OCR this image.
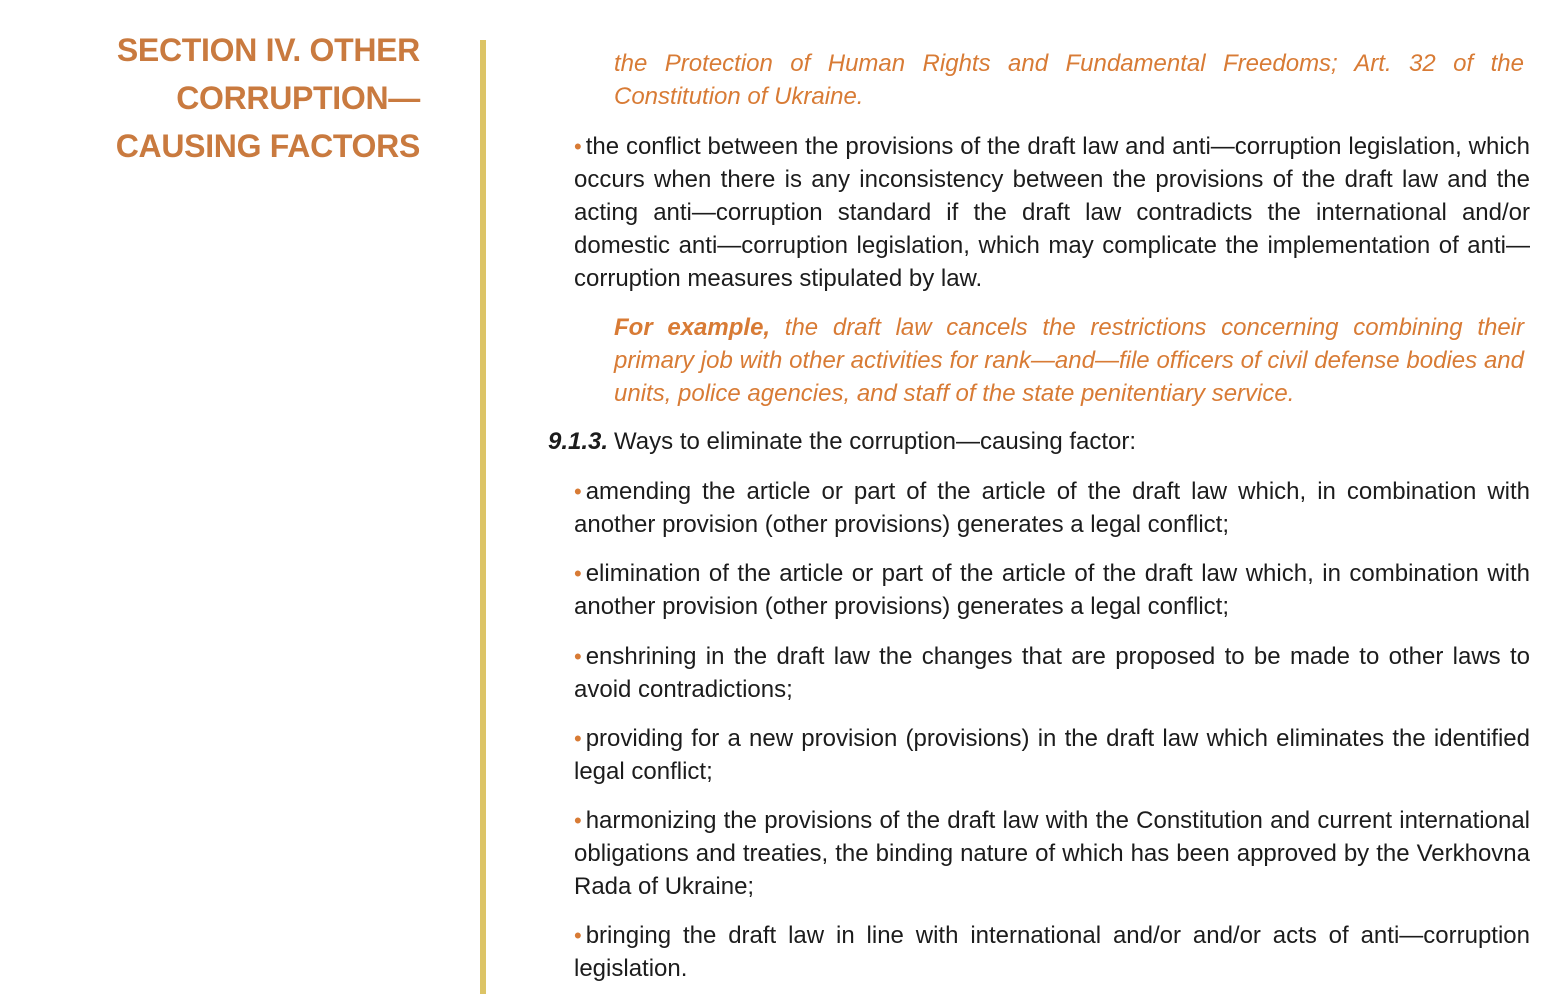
SECTION IV. OTHER CORRUPTION—CAUSING FACTORS

the Protection of Human Rights and Fundamental Freedoms; Art. 32 of the Constitution of Ukraine.

• the conflict between the provisions of the draft law and anti—corruption legislation, which occurs when there is any inconsistency between the provisions of the draft law and the acting anti—corruption standard if the draft law contradicts the international and/or domestic anti—corruption legislation, which may complicate the implementation of anti—corruption measures stipulated by law.

For example, the draft law cancels the restrictions concerning combining their primary job with other activities for rank—and—file officers of civil defense bodies and units, police agencies, and staff of the state penitentiary service.

9.1.3. Ways to eliminate the corruption—causing factor:

• amending the article or part of the article of the draft law which, in combination with another provision (other provisions) generates a legal conflict;

• elimination of the article or part of the article of the draft law which, in combination with another provision (other provisions) generates a legal conflict;

• enshrining in the draft law the changes that are proposed to be made to other laws to avoid contradictions;

• providing for a new provision (provisions) in the draft law which eliminates the identified legal conflict;

• harmonizing the provisions of the draft law with the Constitution and current international obligations and treaties, the binding nature of which has been approved by the Verkhovna Rada of Ukraine;

• bringing the draft law in line with international and/or and/or acts of anti—corruption legislation.
